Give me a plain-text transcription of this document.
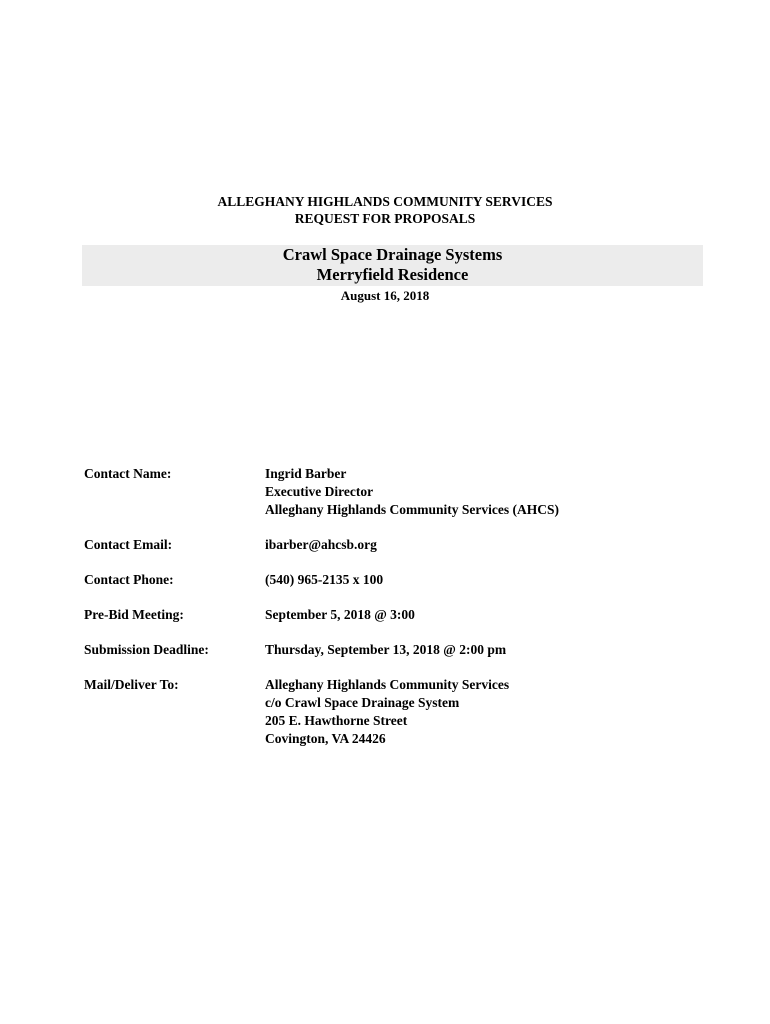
ALLEGHANY HIGHLANDS COMMUNITY SERVICES
REQUEST FOR PROPOSALS
Crawl Space Drainage Systems
Merryfield Residence
August 16, 2018
Contact Name:	Ingrid Barber
Executive Director
Alleghany Highlands Community Services (AHCS)
Contact Email:	ibarber@ahcsb.org
Contact Phone:	(540) 965-2135 x 100
Pre-Bid Meeting:	September 5, 2018 @ 3:00
Submission Deadline:	Thursday, September 13, 2018 @ 2:00 pm
Mail/Deliver To:	Alleghany Highlands Community Services
c/o Crawl Space Drainage System
205 E. Hawthorne Street
Covington, VA 24426
